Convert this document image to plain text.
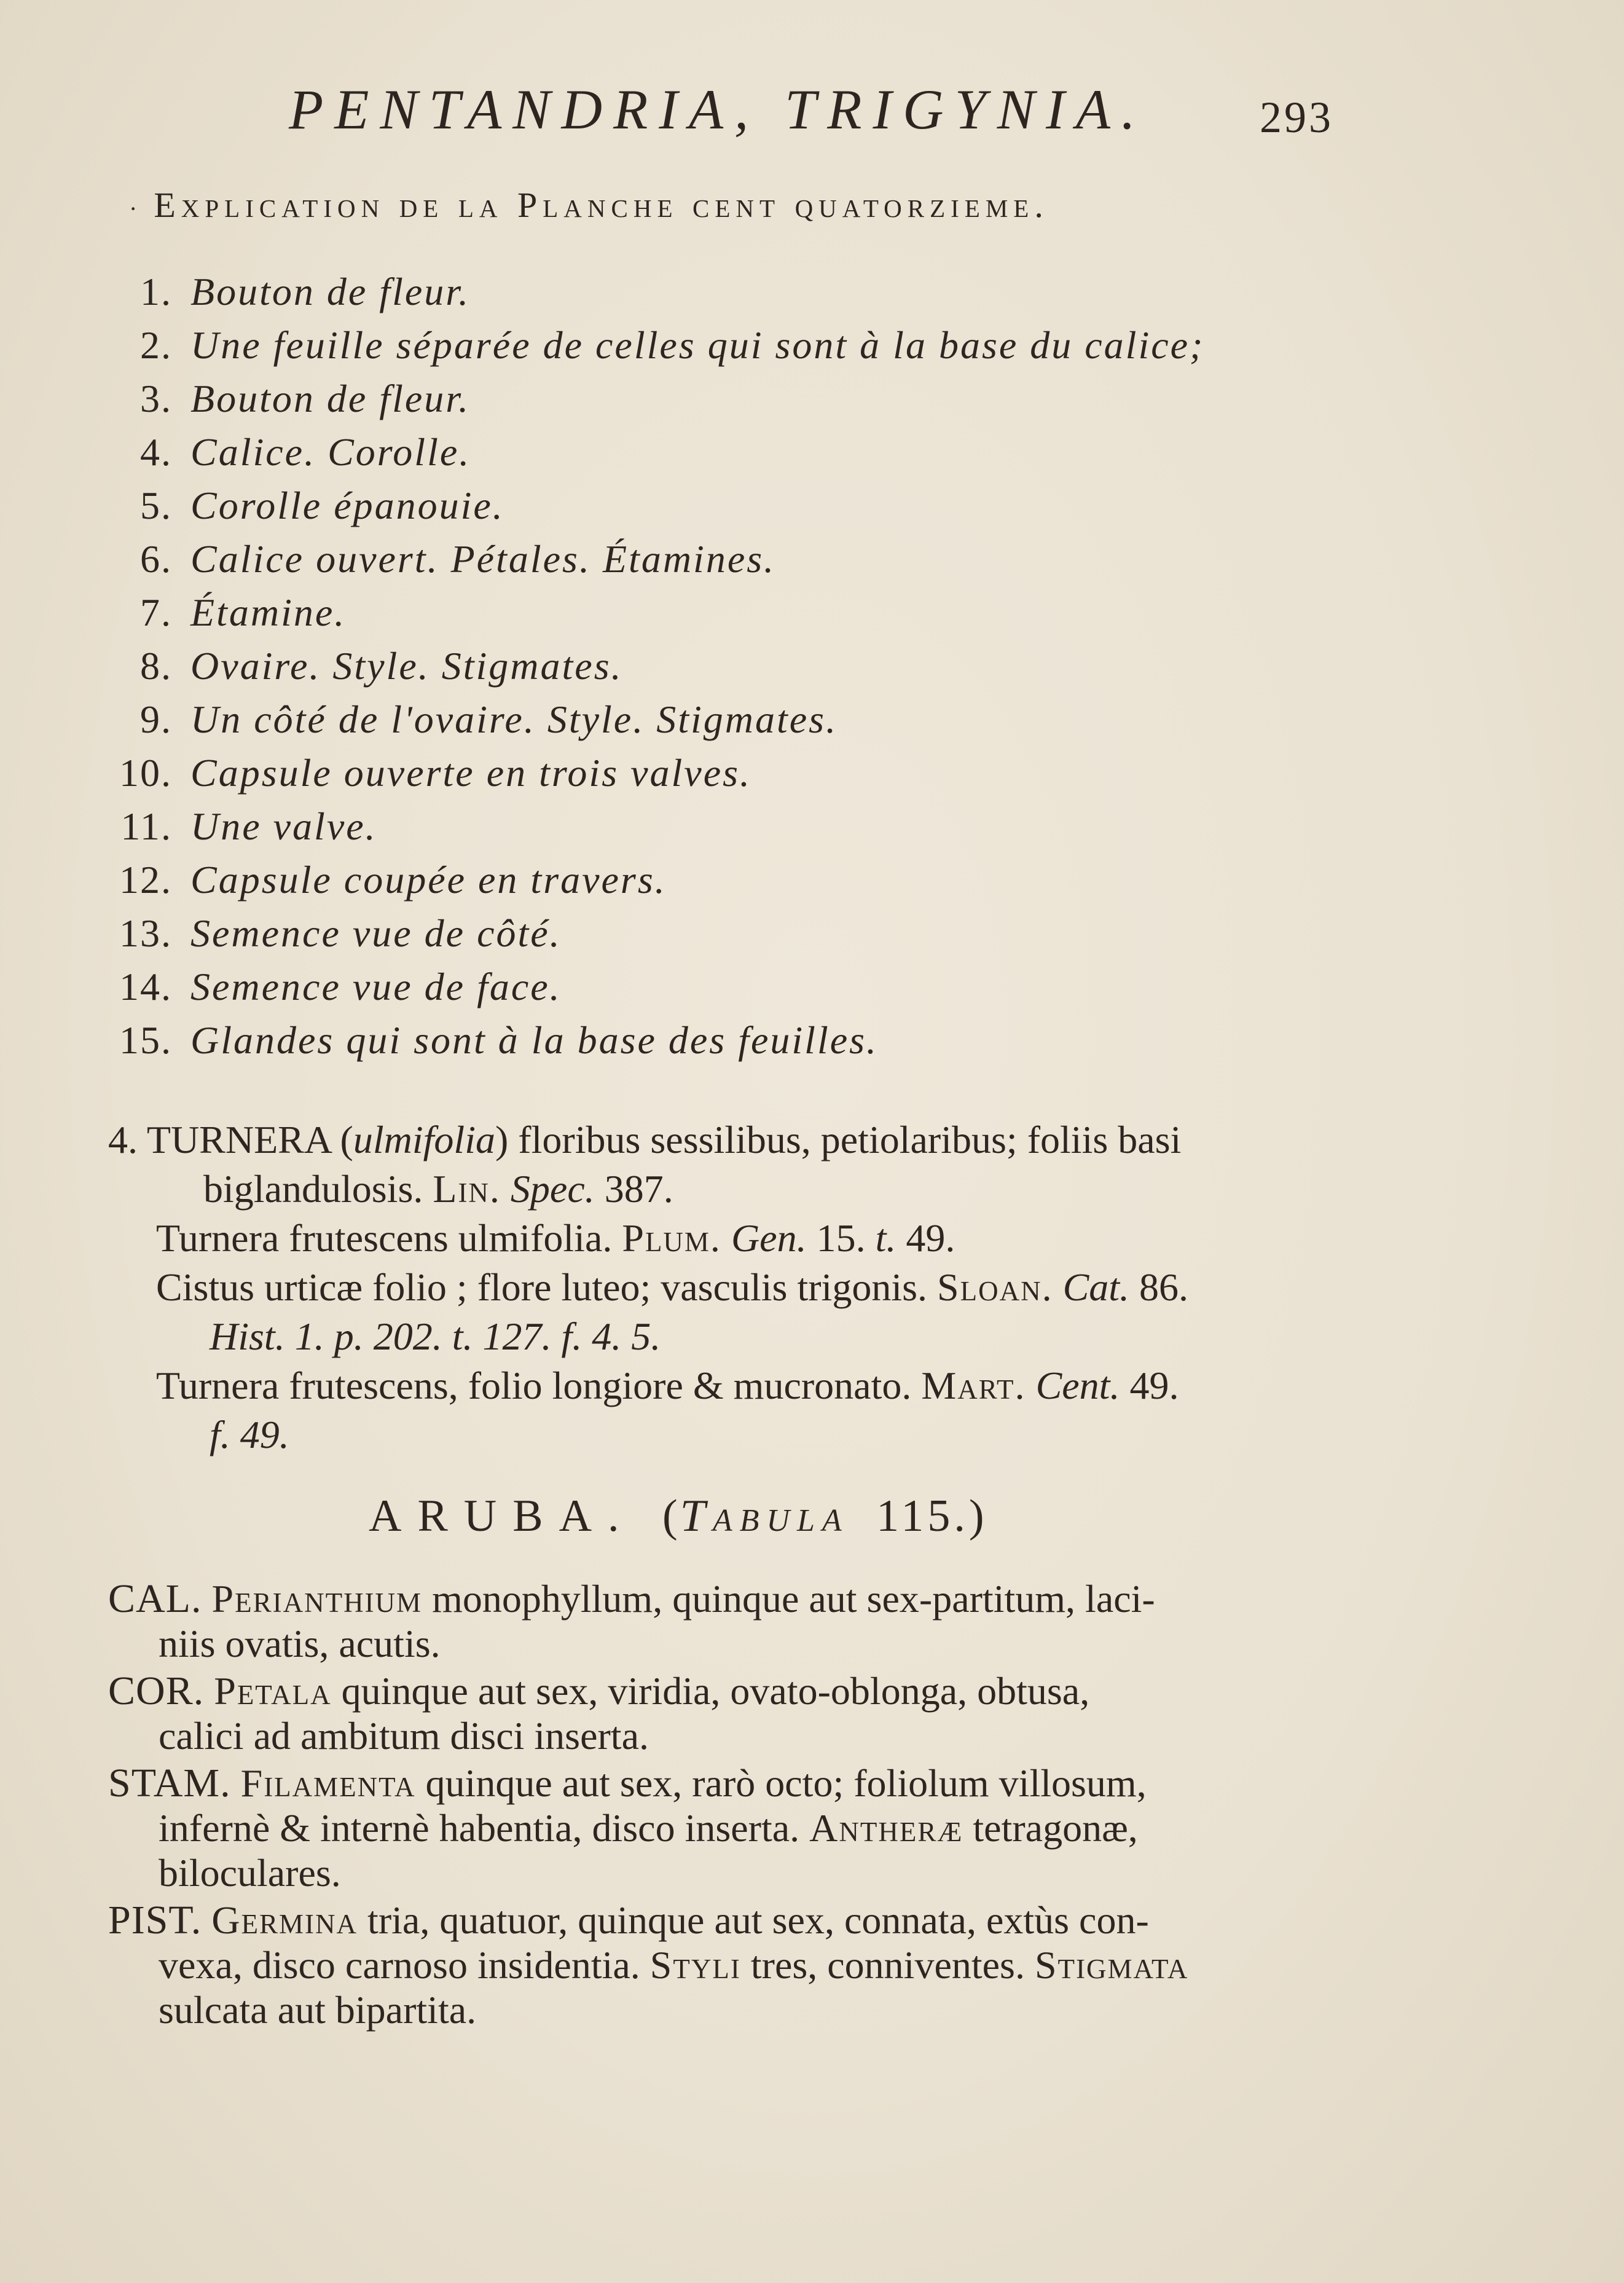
PENTANDRIA, TRIGYNIA.	293
· Explication de la Planche cent quatorzieme.
1. Bouton de fleur.
2. Une feuille séparée de celles qui sont à la base du calice;
3. Bouton de fleur.
4. Calice. Corolle.
5. Corolle épanouie.
6. Calice ouvert. Pétales. Étamines.
7. Étamine.
8. Ovaire. Style. Stigmates.
9. Un côté de l'ovaire. Style. Stigmates.
10. Capsule ouverte en trois valves.
11. Une valve.
12. Capsule coupée en travers.
13. Semence vue de côté.
14. Semence vue de face.
15. Glandes qui sont à la base des feuilles.
4. TURNERA (ulmifolia) floribus sessilibus, petiolaribus; foliis basi
biglandulosis. Lin. Spec. 387.
Turnera frutescens ulmifolia. Plum. Gen. 15. t. 49.
Cistus urticæ folio ; flore luteo; vasculis trigonis. Sloan. Cat. 86.
Hist. 1. p. 202. t. 127. f. 4. 5.
Turnera frutescens, folio longiore & mucronato. Mart. Cent. 49.
f. 49.
ARUBA. (Tabula 115.)
CAL. Perianthium monophyllum, quinque aut sex-partitum, laci-
niis ovatis, acutis.
COR. Petala quinque aut sex, viridia, ovato-oblonga, obtusa,
calici ad ambitum disci inserta.
STAM. Filamenta quinque aut sex, rarò octo; foliolum villosum,
infernè & internè habentia, disco inserta. Antheræ tetragonæ,
biloculares.
PIST. Germina tria, quatuor, quinque aut sex, connata, extùs con-
vexa, disco carnoso insidentia. Styli tres, conniventes. Stigmata
sulcata aut bipartita.
